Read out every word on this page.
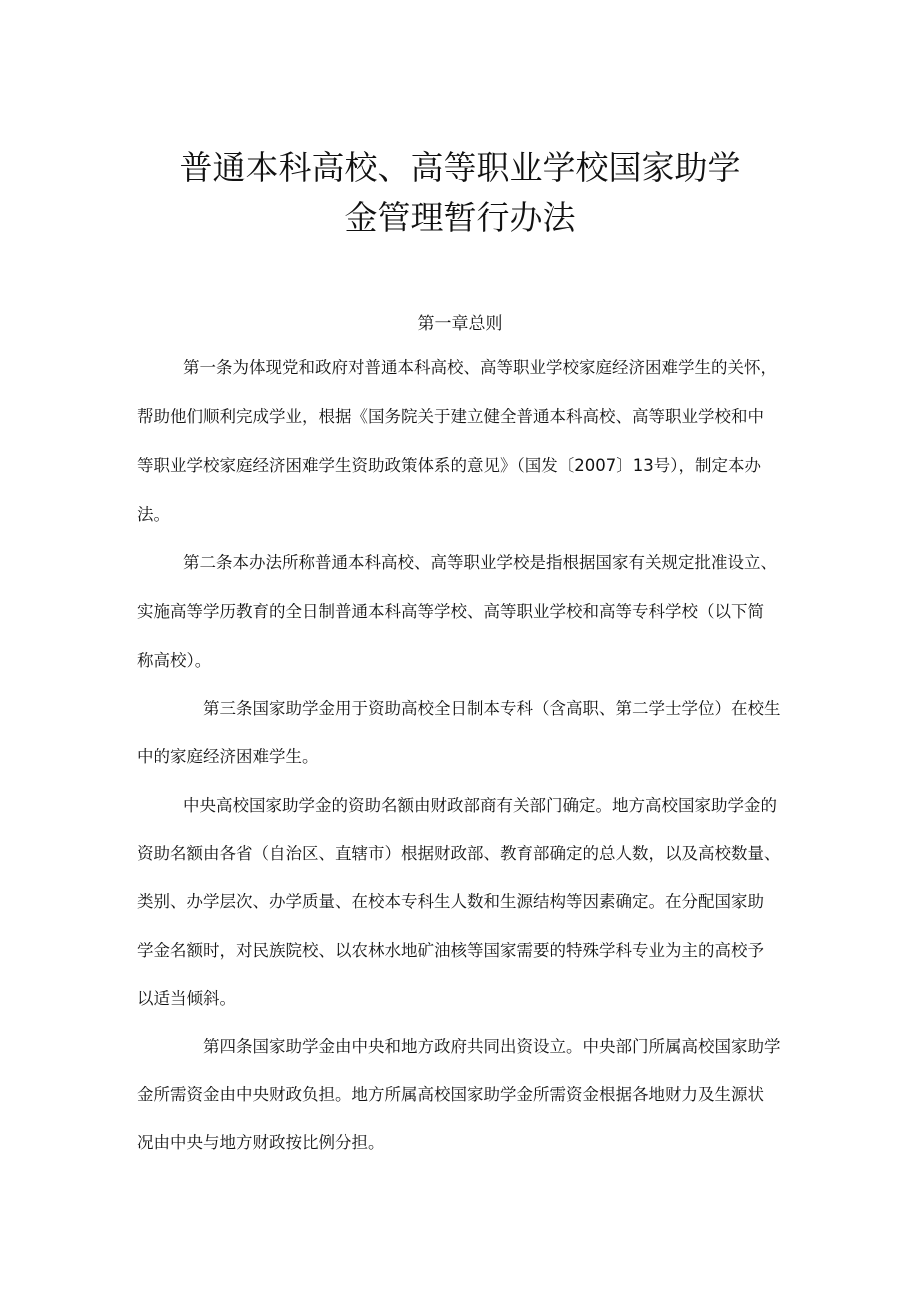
普通本科高校、高等职业学校国家助学
金管理暂行办法
第一章总则
第一条为体现党和政府对普通本科高校、高等职业学校家庭经济困难学生的关怀，
帮助他们顺利完成学业，根据《国务院关于建立健全普通本科高校、高等职业学校和中
等职业学校家庭经济困难学生资助政策体系的意见》（国发〔2007〕13号），制定本办
法。
第二条本办法所称普通本科高校、高等职业学校是指根据国家有关规定批准设立、
实施高等学历教育的全日制普通本科高等学校、高等职业学校和高等专科学校（以下简
称高校）。
第三条国家助学金用于资助高校全日制本专科（含高职、第二学士学位）在校生
中的家庭经济困难学生。
中央高校国家助学金的资助名额由财政部商有关部门确定。地方高校国家助学金的
资助名额由各省（自治区、直辖市）根据财政部、教育部确定的总人数，以及高校数量、
类别、办学层次、办学质量、在校本专科生人数和生源结构等因素确定。在分配国家助
学金名额时，对民族院校、以农林水地矿油核等国家需要的特殊学科专业为主的高校予
以适当倾斜。
第四条国家助学金由中央和地方政府共同出资设立。中央部门所属高校国家助学
金所需资金由中央财政负担。地方所属高校国家助学金所需资金根据各地财力及生源状
况由中央与地方财政按比例分担。
